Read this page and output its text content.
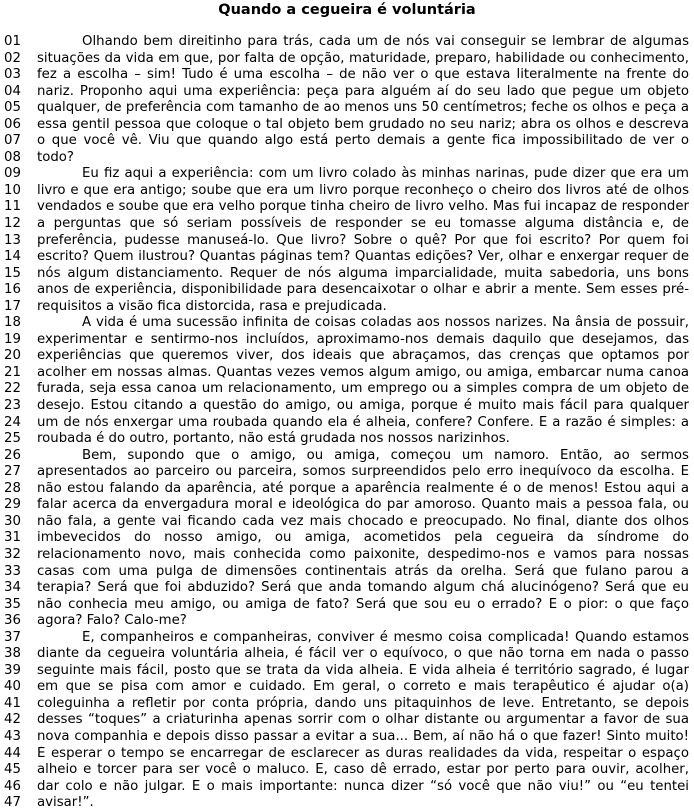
Quando a cegueira é voluntária
01	Olhando bem direitinho para trás, cada um de nós vai conseguir se lembrar de algumas
02	situações da vida em que, por falta de opção, maturidade, preparo, habilidade ou conhecimento,
03	fez a escolha – sim! Tudo é uma escolha – de não ver o que estava literalmente na frente do
04	nariz. Proponho aqui uma experiência: peça para alguém aí do seu lado que pegue um objeto
05	qualquer, de preferência com tamanho de ao menos uns 50 centímetros; feche os olhos e peça a
06	essa gentil pessoa que coloque o tal objeto bem grudado no seu nariz; abra os olhos e descreva
07	o que você vê. Viu que quando algo está perto demais a gente fica impossibilitado de ver o
08	todo?
09	Eu fiz aqui a experiência: com um livro colado às minhas narinas, pude dizer que era um
10	livro e que era antigo; soube que era um livro porque reconheço o cheiro dos livros até de olhos
11	vendados e soube que era velho porque tinha cheiro de livro velho. Mas fui incapaz de responder
12	a perguntas que só seriam possíveis de responder se eu tomasse alguma distância e, de
13	preferência, pudesse manuseá-lo. Que livro? Sobre o quê? Por que foi escrito? Por quem foi
14	escrito? Quem ilustrou? Quantas páginas tem? Quantas edições? Ver, olhar e enxergar requer de
15	nós algum distanciamento. Requer de nós alguma imparcialidade, muita sabedoria, uns bons
16	anos de experiência, disponibilidade para desencaixotar o olhar e abrir a mente. Sem esses pré-
17	requisitos a visão fica distorcida, rasa e prejudicada.
18	A vida é uma sucessão infinita de coisas coladas aos nossos narizes. Na ânsia de possuir,
19	experimentar e sentirmo-nos incluídos, aproximamo-nos demais daquilo que desejamos, das
20	experiências que queremos viver, dos ideais que abraçamos, das crenças que optamos por
21	acolher em nossas almas. Quantas vezes vemos algum amigo, ou amiga, embarcar numa canoa
22	furada, seja essa canoa um relacionamento, um emprego ou a simples compra de um objeto de
23	desejo. Estou citando a questão do amigo, ou amiga, porque é muito mais fácil para qualquer
24	um de nós enxergar uma roubada quando ela é alheia, confere? Confere. E a razão é simples: a
25	roubada é do outro, portanto, não está grudada nos nossos narizinhos.
26	Bem, supondo que o amigo, ou amiga, começou um namoro. Então, ao sermos
27	apresentados ao parceiro ou parceira, somos surpreendidos pelo erro inequívoco da escolha. E
28	não estou falando da aparência, até porque a aparência realmente é o de menos! Estou aqui a
29	falar acerca da envergadura moral e ideológica do par amoroso. Quanto mais a pessoa fala, ou
30	não fala, a gente vai ficando cada vez mais chocado e preocupado. No final, diante dos olhos
31	imbevecidos do nosso amigo, ou amiga, acometidos pela cegueira da síndrome do
32	relacionamento novo, mais conhecida como paixonite, despedimo-nos e vamos para nossas
33	casas com uma pulga de dimensões continentais atrás da orelha. Será que fulano parou a
34	terapia? Será que foi abduzido? Será que anda tomando algum chá alucinógeno? Será que eu
35	não conhecia meu amigo, ou amiga de fato? Será que sou eu o errado? E o pior: o que faço
36	agora? Falo? Calo-me?
37	É, companheiros e companheiras, conviver é mesmo coisa complicada! Quando estamos
38	diante da cegueira voluntária alheia, é fácil ver o equívoco, o que não torna em nada o passo
39	seguinte mais fácil, posto que se trata da vida alheia. E vida alheia é território sagrado, é lugar
40	em que se pisa com amor e cuidado. Em geral, o correto e mais terapêutico é ajudar o(a)
41	coleguinha a refletir por conta própria, dando uns pitaquinhos de leve. Entretanto, se depois
42	desses “toques” a criaturinha apenas sorrir com o olhar distante ou argumentar a favor de sua
43	nova companhia e depois disso passar a evitar a sua... Bem, aí não há o que fazer! Sinto muito!
44	É esperar o tempo se encarregar de esclarecer as duras realidades da vida, respeitar o espaço
45	alheio e torcer para ser você o maluco. E, caso dê errado, estar por perto para ouvir, acolher,
46	dar colo e não julgar. E o mais importante: nunca dizer “só você que não viu!” ou “eu tentei
47	avisar!”.
